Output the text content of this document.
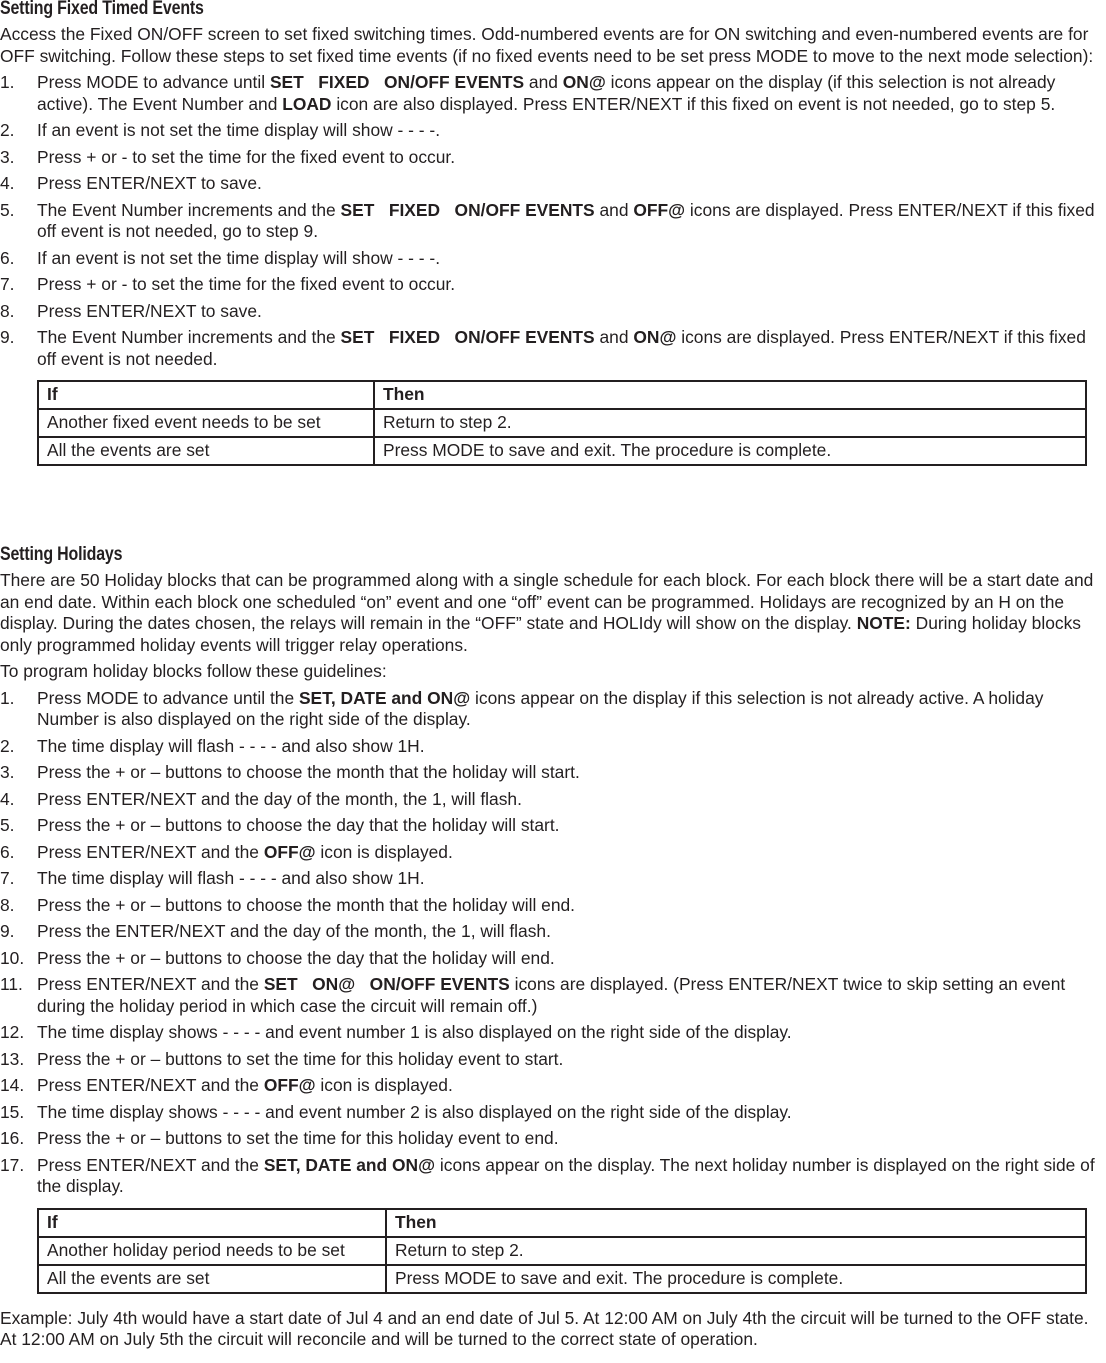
Setting Fixed Timed Events

Access the Fixed ON/OFF screen to set fixed switching times. Odd-numbered events are for ON switching and even-numbered events are for OFF switching. Follow these steps to set fixed time events (if no fixed events need to be set press MODE to move to the next mode selection):

1. Press MODE to advance until SET   FIXED   ON/OFF EVENTS and ON@ icons appear on the display (if this selection is not already active). The Event Number and LOAD icon are also displayed. Press ENTER/NEXT if this fixed on event is not needed, go to step 5.
2. If an event is not set the time display will show - - - -.
3. Press + or - to set the time for the fixed event to occur.
4. Press ENTER/NEXT to save.
5. The Event Number increments and the SET   FIXED   ON/OFF EVENTS and OFF@ icons are displayed. Press ENTER/NEXT if this fixed off event is not needed, go to step 9.
6. If an event is not set the time display will show - - - -.
7. Press + or - to set the time for the fixed event to occur.
8. Press ENTER/NEXT to save.
9. The Event Number increments and the SET   FIXED   ON/OFF EVENTS and ON@ icons are displayed. Press ENTER/NEXT if this fixed off event is not needed.
If	Then
Another fixed event needs to be set	Return to step 2.
All the events are set	Press MODE to save and exit. The procedure is complete.
Setting Holidays

There are 50 Holiday blocks that can be programmed along with a single schedule for each block. For each block there will be a start date and an end date. Within each block one scheduled “on” event and one “off” event can be programmed. Holidays are recognized by an H on the display. During the dates chosen, the relays will remain in the “OFF” state and HOLIdy will show on the display. NOTE: During holiday blocks only programmed holiday events will trigger relay operations.

To program holiday blocks follow these guidelines:

1. Press MODE to advance until the SET, DATE and ON@ icons appear on the display if this selection is not already active. A holiday Number is also displayed on the right side of the display.
2. The time display will flash - - - - and also show 1H.
3. Press the + or – buttons to choose the month that the holiday will start.
4. Press ENTER/NEXT and the day of the month, the 1, will flash.
5. Press the + or – buttons to choose the day that the holiday will start.
6. Press ENTER/NEXT and the OFF@ icon is displayed.
7. The time display will flash - - - - and also show 1H.
8. Press the + or – buttons to choose the month that the holiday will end.
9. Press the ENTER/NEXT and the day of the month, the 1, will flash.
10. Press the + or – buttons to choose the day that the holiday will end.
11. Press ENTER/NEXT and the SET   ON@   ON/OFF EVENTS icons are displayed. (Press ENTER/NEXT twice to skip setting an event during the holiday period in which case the circuit will remain off.)
12. The time display shows - - - - and event number 1 is also displayed on the right side of the display.
13. Press the + or – buttons to set the time for this holiday event to start.
14. Press ENTER/NEXT and the OFF@ icon is displayed.
15. The time display shows - - - - and event number 2 is also displayed on the right side of the display.
16. Press the + or – buttons to set the time for this holiday event to end.
17. Press ENTER/NEXT and the SET, DATE and ON@ icons appear on the display. The next holiday number is displayed on the right side of the display.
If	Then
Another holiday period needs to be set	Return to step 2.
All the events are set	Press MODE to save and exit. The procedure is complete.

Example: July 4th would have a start date of Jul 4 and an end date of Jul 5. At 12:00 AM on July 4th the circuit will be turned to the OFF state. At 12:00 AM on July 5th the circuit will reconcile and will be turned to the correct state of operation.
